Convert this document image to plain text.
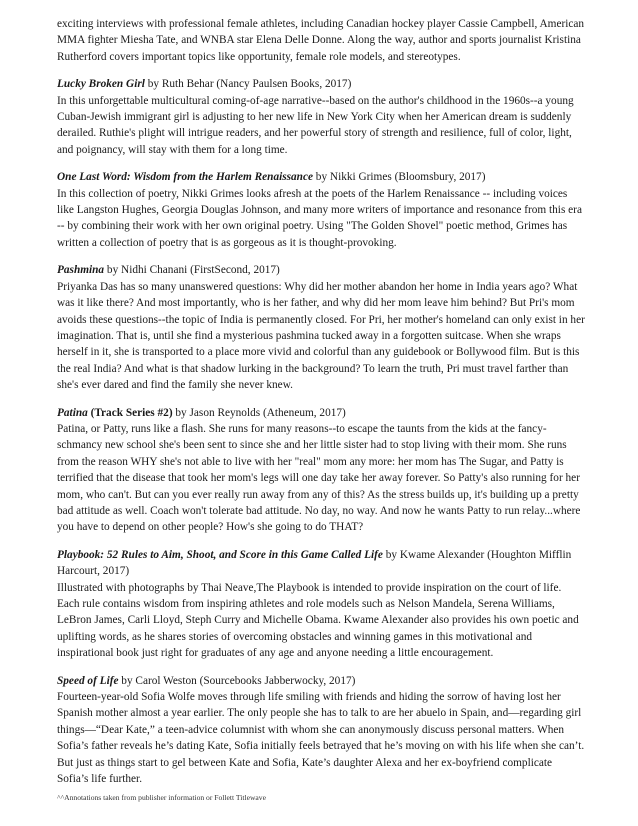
exciting interviews with professional female athletes, including Canadian hockey player Cassie Campbell, American MMA fighter Miesha Tate, and WNBA star Elena Delle Donne. Along the way, author and sports journalist Kristina Rutherford covers important topics like opportunity, female role models, and stereotypes.

Lucky Broken Girl by Ruth Behar (Nancy Paulsen Books, 2017)

In this unforgettable multicultural coming-of-age narrative--based on the author's childhood in the 1960s--a young Cuban-Jewish immigrant girl is adjusting to her new life in New York City when her American dream is suddenly derailed. Ruthie's plight will intrigue readers, and her powerful story of strength and resilience, full of color, light, and poignancy, will stay with them for a long time.

One Last Word: Wisdom from the Harlem Renaissance by Nikki Grimes (Bloomsbury, 2017)

In this collection of poetry, Nikki Grimes looks afresh at the poets of the Harlem Renaissance -- including voices like Langston Hughes, Georgia Douglas Johnson, and many more writers of importance and resonance from this era -- by combining their work with her own original poetry. Using "The Golden Shovel" poetic method, Grimes has written a collection of poetry that is as gorgeous as it is thought-provoking.

Pashmina by Nidhi Chanani (FirstSecond, 2017)

Priyanka Das has so many unanswered questions: Why did her mother abandon her home in India years ago? What was it like there? And most importantly, who is her father, and why did her mom leave him behind? But Pri's mom avoids these questions--the topic of India is permanently closed. For Pri, her mother's homeland can only exist in her imagination. That is, until she find a mysterious pashmina tucked away in a forgotten suitcase. When she wraps herself in it, she is transported to a place more vivid and colorful than any guidebook or Bollywood film. But is this the real India? And what is that shadow lurking in the background? To learn the truth, Pri must travel farther than she's ever dared and find the family she never knew.

Patina (Track Series #2) by Jason Reynolds (Atheneum, 2017)

Patina, or Patty, runs like a flash. She runs for many reasons--to escape the taunts from the kids at the fancy-schmancy new school she's been sent to since she and her little sister had to stop living with their mom. She runs from the reason WHY she's not able to live with her "real" mom any more: her mom has The Sugar, and Patty is terrified that the disease that took her mom's legs will one day take her away forever. So Patty's also running for her mom, who can't. But can you ever really run away from any of this? As the stress builds up, it's building up a pretty bad attitude as well. Coach won't tolerate bad attitude. No day, no way. And now he wants Patty to run relay...where you have to depend on other people? How's she going to do THAT?

Playbook: 52 Rules to Aim, Shoot, and Score in this Game Called Life by Kwame Alexander (Houghton Mifflin Harcourt, 2017)

Illustrated with photographs by Thai Neave,The Playbook is intended to provide inspiration on the court of life. Each rule contains wisdom from inspiring athletes and role models such as Nelson Mandela, Serena Williams, LeBron James, Carli Lloyd, Steph Curry and Michelle Obama. Kwame Alexander also provides his own poetic and uplifting words, as he shares stories of overcoming obstacles and winning games in this motivational and inspirational book just right for graduates of any age and anyone needing a little encouragement.

Speed of Life by Carol Weston (Sourcebooks Jabberwocky, 2017)

Fourteen-year-old Sofia Wolfe moves through life smiling with friends and hiding the sorrow of having lost her Spanish mother almost a year earlier. The only people she has to talk to are her abuelo in Spain, and—regarding girl things—“Dear Kate,” a teen-advice columnist with whom she can anonymously discuss personal matters. When Sofia’s father reveals he’s dating Kate, Sofia initially feels betrayed that he’s moving on with his life when she can’t. But just as things start to gel between Kate and Sofia, Kate’s daughter Alexa and her ex-boyfriend complicate Sofia’s life further.

^^Annotations taken from publisher information or Follett Titlewave
